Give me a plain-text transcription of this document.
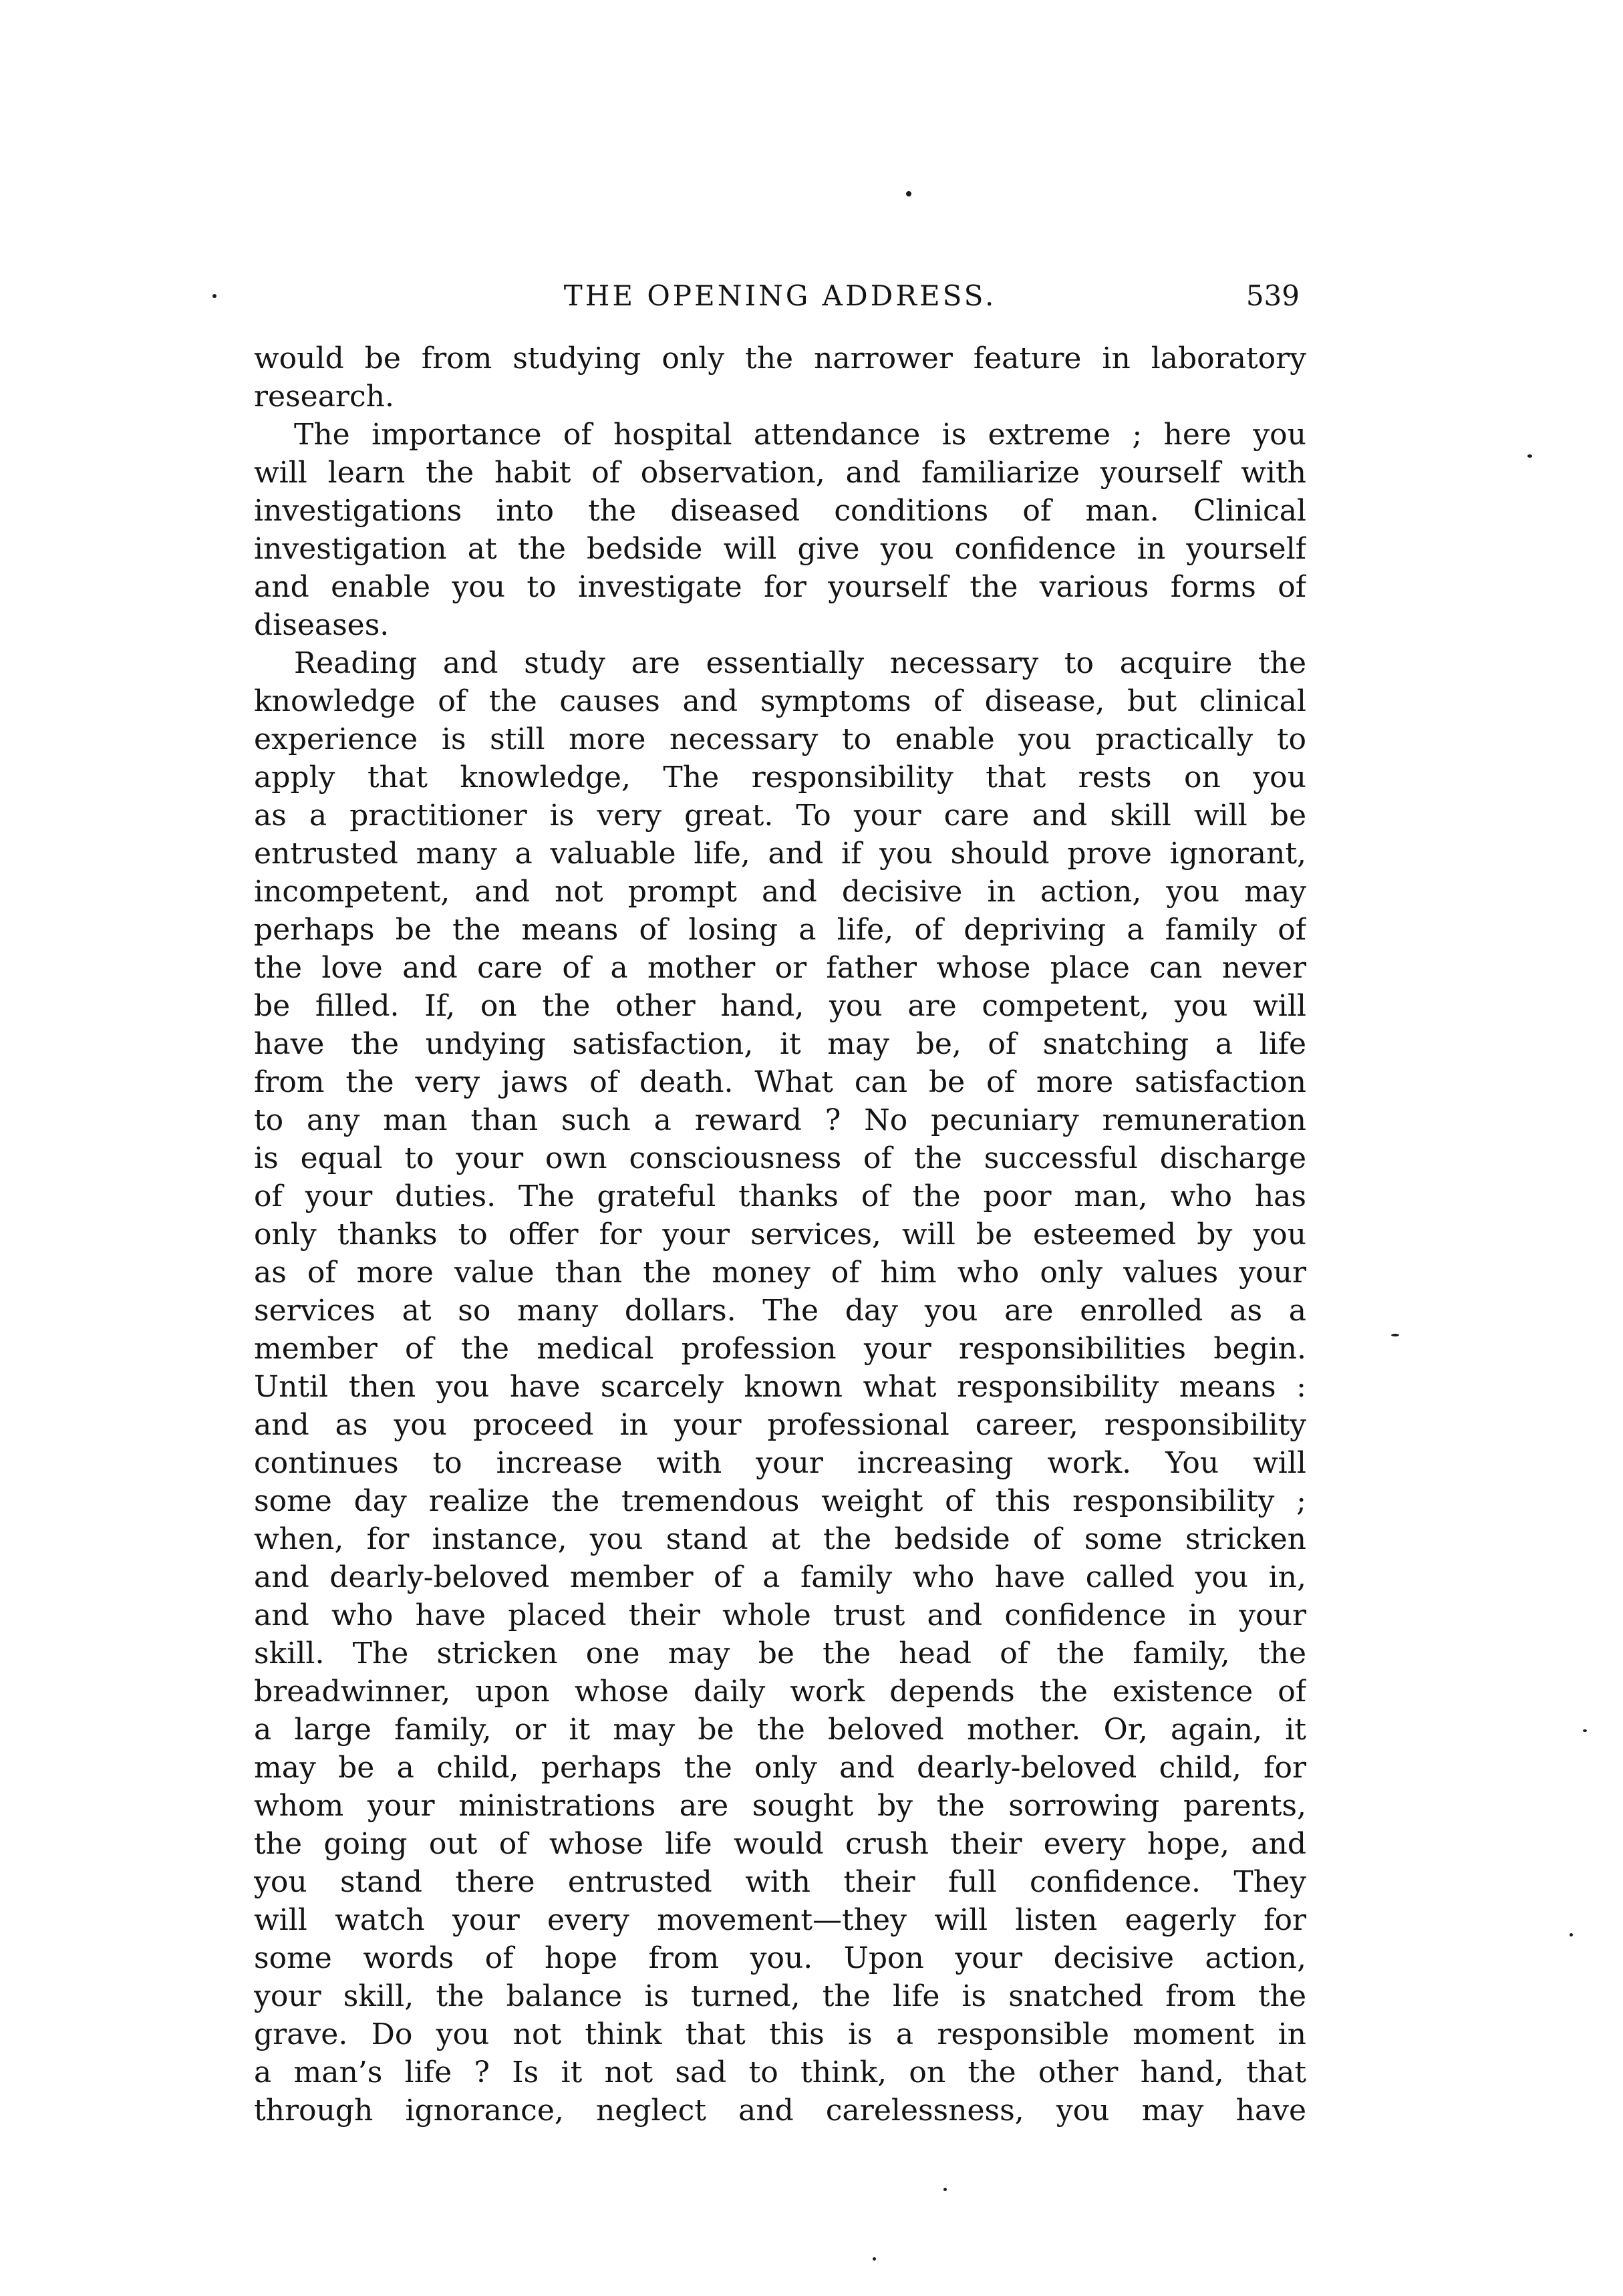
THE OPENING ADDRESS.	539
would be from studying only the narrower feature in laboratory
research.
The importance of hospital attendance is extreme ; here you
will learn the habit of observation, and familiarize yourself with
investigations into the diseased conditions of man. Clinical
investigation at the bedside will give you confidence in yourself
and enable you to investigate for yourself the various forms of
diseases.
Reading and study are essentially necessary to acquire the
knowledge of the causes and symptoms of disease, but clinical
experience is still more necessary to enable you practically to
apply that knowledge, The responsibility that rests on you
as a practitioner is very great. To your care and skill will be
entrusted many a valuable life, and if you should prove ignorant,
incompetent, and not prompt and decisive in action, you may
perhaps be the means of losing a life, of depriving a family of
the love and care of a mother or father whose place can never
be filled. If, on the other hand, you are competent, you will
have the undying satisfaction, it may be, of snatching a life
from the very jaws of death. What can be of more satisfaction
to any man than such a reward ? No pecuniary remuneration
is equal to your own consciousness of the successful discharge
of your duties. The grateful thanks of the poor man, who has
only thanks to offer for your services, will be esteemed by you
as of more value than the money of him who only values your
services at so many dollars. The day you are enrolled as a
member of the medical profession your responsibilities begin.
Until then you have scarcely known what responsibility means :
and as you proceed in your professional career, responsibility
continues to increase with your increasing work. You will
some day realize the tremendous weight of this responsibility ;
when, for instance, you stand at the bedside of some stricken
and dearly-beloved member of a family who have called you in,
and who have placed their whole trust and confidence in your
skill. The stricken one may be the head of the family, the
breadwinner, upon whose daily work depends the existence of
a large family, or it may be the beloved mother. Or, again, it
may be a child, perhaps the only and dearly-beloved child, for
whom your ministrations are sought by the sorrowing parents,
the going out of whose life would crush their every hope, and
you stand there entrusted with their full confidence. They
will watch your every movement—they will listen eagerly for
some words of hope from you. Upon your decisive action,
your skill, the balance is turned, the life is snatched from the
grave. Do you not think that this is a responsible moment in
a man’s life ? Is it not sad to think, on the other hand, that
through ignorance, neglect and carelessness, you may have
